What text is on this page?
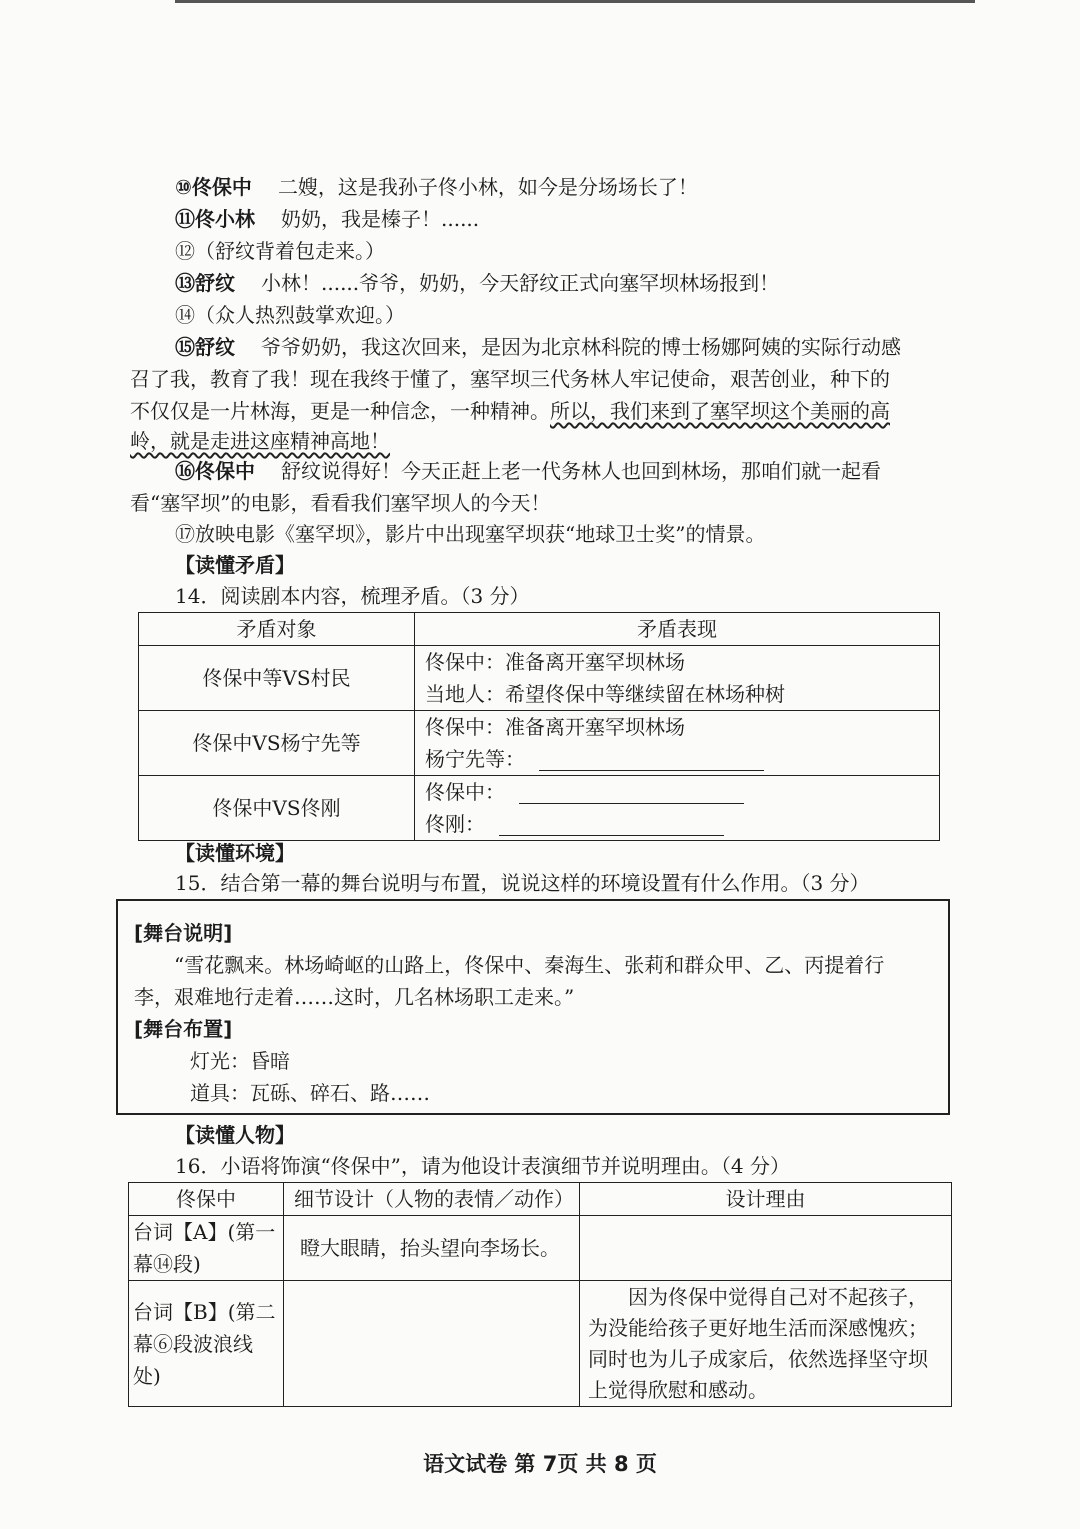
⑩佟保中 二嫂，这是我孙子佟小林，如今是分场场长了！
⑪佟小林 奶奶，我是榛子！......
⑫（舒纹背着包走来。）
⑬舒纹 小林！......爷爷，奶奶，今天舒纹正式向塞罕坝林场报到！
⑭（众人热烈鼓掌欢迎。）
⑮舒纹 爷爷奶奶，我这次回来，是因为北京林科院的博士杨娜阿姨的实际行动感
召了我，教育了我！现在我终于懂了，塞罕坝三代务林人牢记使命，艰苦创业，种下的
不仅仅是一片林海，更是一种信念，一种精神。所以，我们来到了塞罕坝这个美丽的高
岭，就是走进这座精神高地！
⑯佟保中 舒纹说得好！今天正赶上老一代务林人也回到林场，那咱们就一起看
看“塞罕坝”的电影，看看我们塞罕坝人的今天！
⑰放映电影《塞罕坝》，影片中出现塞罕坝获“地球卫士奖”的情景。
【读懂矛盾】
14．阅读剧本内容，梳理矛盾。（3 分）
矛盾对象	矛盾表现
佟保中等VS村民	佟保中：准备离开塞罕坝林场
当地人：希望佟保中等继续留在林场种树

佟保中VS杨宁先等	佟保中：准备离开塞罕坝林场
杨宁先等：

佟保中VS佟刚	佟保中：
佟刚：
【读懂环境】
15．结合第一幕的舞台说明与布置，说说这样的环境设置有什么作用。（3 分）
[舞台说明]
“雪花飘来。林场崎岖的山路上，佟保中、秦海生、张莉和群众甲、乙、丙提着行
李，艰难地行走着……这时，几名林场职工走来。”
[舞台布置]
灯光：昏暗
道具：瓦砾、碎石、路……
【读懂人物】
16．小语将饰演“佟保中”，请为他设计表演细节并说明理由。（4 分）
佟保中	细节设计（人物的表情／动作）	设计理由
台词【A】(第一幕⑭段)	瞪大眼睛，抬头望向李场长。	
台词【B】(第二幕⑥段波浪线处)		因为佟保中觉得自己对不起孩子，为没能给孩子更好地生活而深感愧疚；同时也为儿子成家后，依然选择坚守坝上觉得欣慰和感动。
语文试卷 第 7页 共 8 页
